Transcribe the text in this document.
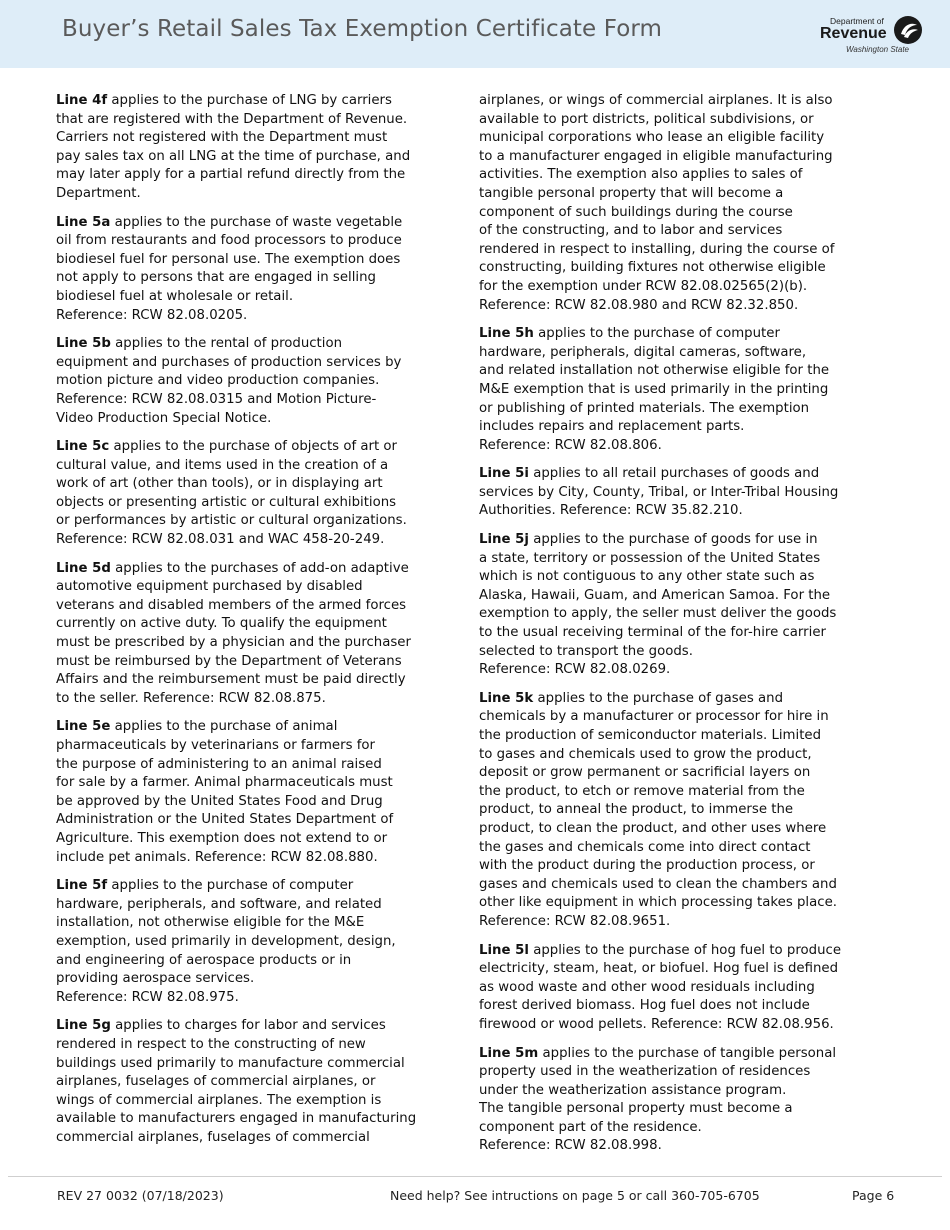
Buyer’s Retail Sales Tax Exemption Certificate Form	Department of
Revenue
Washington State

Line 4f applies to the purchase of LNG by carriers
that are registered with the Department of Revenue.
Carriers not registered with the Department must
pay sales tax on all LNG at the time of purchase, and
may later apply for a partial refund directly from the
Department.

Line 5a applies to the purchase of waste vegetable
oil from restaurants and food processors to produce
biodiesel fuel for personal use. The exemption does
not apply to persons that are engaged in selling
biodiesel fuel at wholesale or retail.
Reference: RCW 82.08.0205.

Line 5b applies to the rental of production
equipment and purchases of production services by
motion picture and video production companies.
Reference: RCW 82.08.0315 and Motion Picture-
Video Production Special Notice.

Line 5c applies to the purchase of objects of art or
cultural value, and items used in the creation of a
work of art (other than tools), or in displaying art
objects or presenting artistic or cultural exhibitions
or performances by artistic or cultural organizations.
Reference: RCW 82.08.031 and WAC 458-20-249.

Line 5d applies to the purchases of add-on adaptive
automotive equipment purchased by disabled
veterans and disabled members of the armed forces
currently on active duty. To qualify the equipment
must be prescribed by a physician and the purchaser
must be reimbursed by the Department of Veterans
Affairs and the reimbursement must be paid directly
to the seller. Reference: RCW 82.08.875.

Line 5e applies to the purchase of animal
pharmaceuticals by veterinarians or farmers for
the purpose of administering to an animal raised
for sale by a farmer. Animal pharmaceuticals must
be approved by the United States Food and Drug
Administration or the United States Department of
Agriculture. This exemption does not extend to or
include pet animals. Reference: RCW 82.08.880.

Line 5f applies to the purchase of computer
hardware, peripherals, and software, and related
installation, not otherwise eligible for the M&E
exemption, used primarily in development, design,
and engineering of aerospace products or in
providing aerospace services.
Reference: RCW 82.08.975.

Line 5g applies to charges for labor and services
rendered in respect to the constructing of new
buildings used primarily to manufacture commercial
airplanes, fuselages of commercial airplanes, or
wings of commercial airplanes. The exemption is
available to manufacturers engaged in manufacturing
commercial airplanes, fuselages of commercial

airplanes, or wings of commercial airplanes. It is also
available to port districts, political subdivisions, or
municipal corporations who lease an eligible facility
to a manufacturer engaged in eligible manufacturing
activities. The exemption also applies to sales of
tangible personal property that will become a
component of such buildings during the course
of the constructing, and to labor and services
rendered in respect to installing, during the course of
constructing, building fixtures not otherwise eligible
for the exemption under RCW 82.08.02565(2)(b).
Reference: RCW 82.08.980 and RCW 82.32.850.

Line 5h applies to the purchase of computer
hardware, peripherals, digital cameras, software,
and related installation not otherwise eligible for the
M&E exemption that is used primarily in the printing
or publishing of printed materials. The exemption
includes repairs and replacement parts.
Reference: RCW 82.08.806.

Line 5i applies to all retail purchases of goods and
services by City, County, Tribal, or Inter-Tribal Housing
Authorities. Reference: RCW 35.82.210.

Line 5j applies to the purchase of goods for use in
a state, territory or possession of the United States
which is not contiguous to any other state such as
Alaska, Hawaii, Guam, and American Samoa. For the
exemption to apply, the seller must deliver the goods
to the usual receiving terminal of the for-hire carrier
selected to transport the goods.
Reference: RCW 82.08.0269.

Line 5k applies to the purchase of gases and
chemicals by a manufacturer or processor for hire in
the production of semiconductor materials. Limited
to gases and chemicals used to grow the product,
deposit or grow permanent or sacrificial layers on
the product, to etch or remove material from the
product, to anneal the product, to immerse the
product, to clean the product, and other uses where
the gases and chemicals come into direct contact
with the product during the production process, or
gases and chemicals used to clean the chambers and
other like equipment in which processing takes place.
Reference: RCW 82.08.9651.

Line 5l applies to the purchase of hog fuel to produce
electricity, steam, heat, or biofuel. Hog fuel is defined
as wood waste and other wood residuals including
forest derived biomass. Hog fuel does not include
firewood or wood pellets. Reference: RCW 82.08.956.

Line 5m applies to the purchase of tangible personal
property used in the weatherization of residences
under the weatherization assistance program.
The tangible personal property must become a
component part of the residence.
Reference: RCW 82.08.998.

REV 27 0032 (07/18/2023)	Need help? See intructions on page 5 or call 360-705-6705	Page 6
